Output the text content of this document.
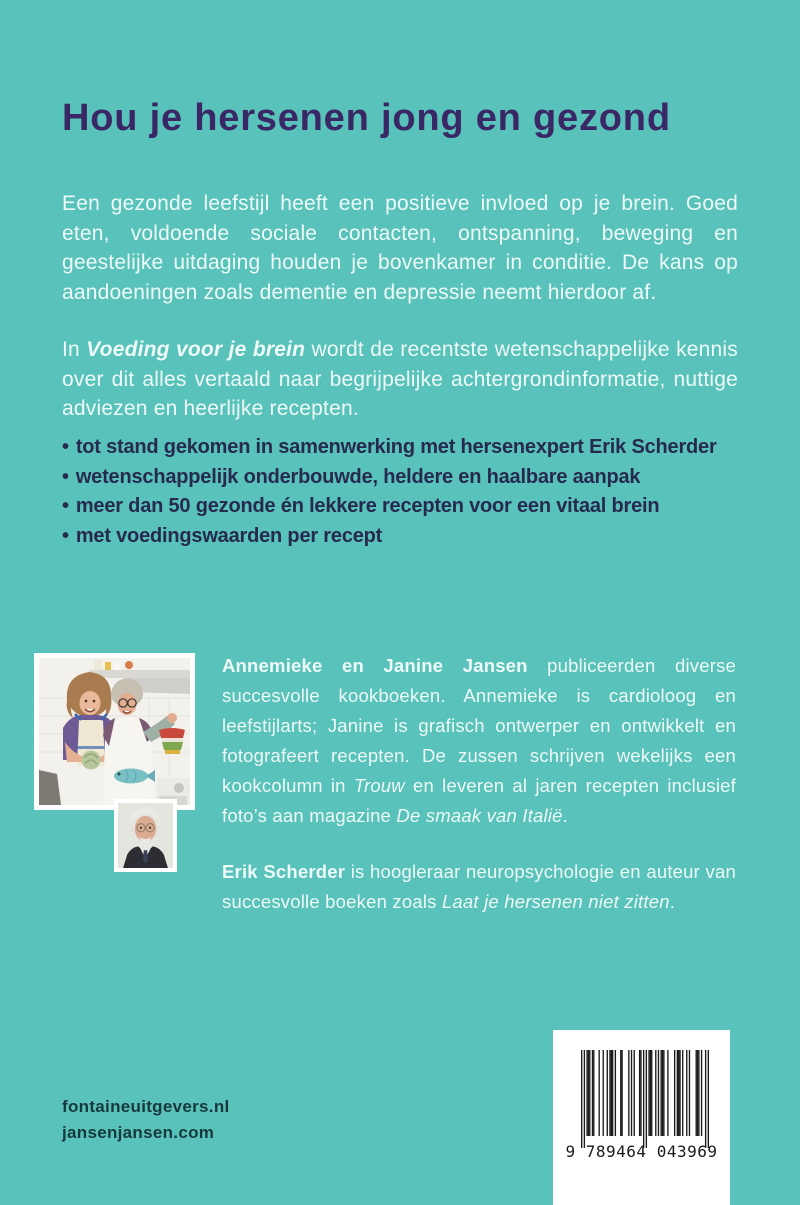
Hou je hersenen jong en gezond

Een gezonde leefstijl heeft een positieve invloed op je brein. Goed eten, voldoende sociale contacten, ontspanning, beweging en geestelijke uitdaging houden je bovenkamer in conditie. De kans op aandoeningen zoals dementie en depressie neemt hierdoor af.

In Voeding voor je brein wordt de recentste wetenschappelijke kennis over dit alles vertaald naar begrijpelijke achtergrondinformatie, nuttige adviezen en heerlijke recepten.

• tot stand gekomen in samenwerking met hersenexpert Erik Scherder
• wetenschappelijk onderbouwde, heldere en haalbare aanpak
• meer dan 50 gezonde én lekkere recepten voor een vitaal brein
• met voedingswaarden per recept

Annemieke en Janine Jansen publiceerden diverse succesvolle kookboeken. Annemieke is cardioloog en leefstijlarts; Janine is grafisch ontwerper en ontwikkelt en fotografeert recepten. De zussen schrijven wekelijks een kookcolumn in Trouw en leveren al jaren recepten inclusief foto’s aan magazine De smaak van Italië.

Erik Scherder is hoogleraar neuropsychologie en auteur van succesvolle boeken zoals Laat je hersenen niet zitten.

fontaineuitgevers.nl
jansenjansen.com
9 789464 043969
